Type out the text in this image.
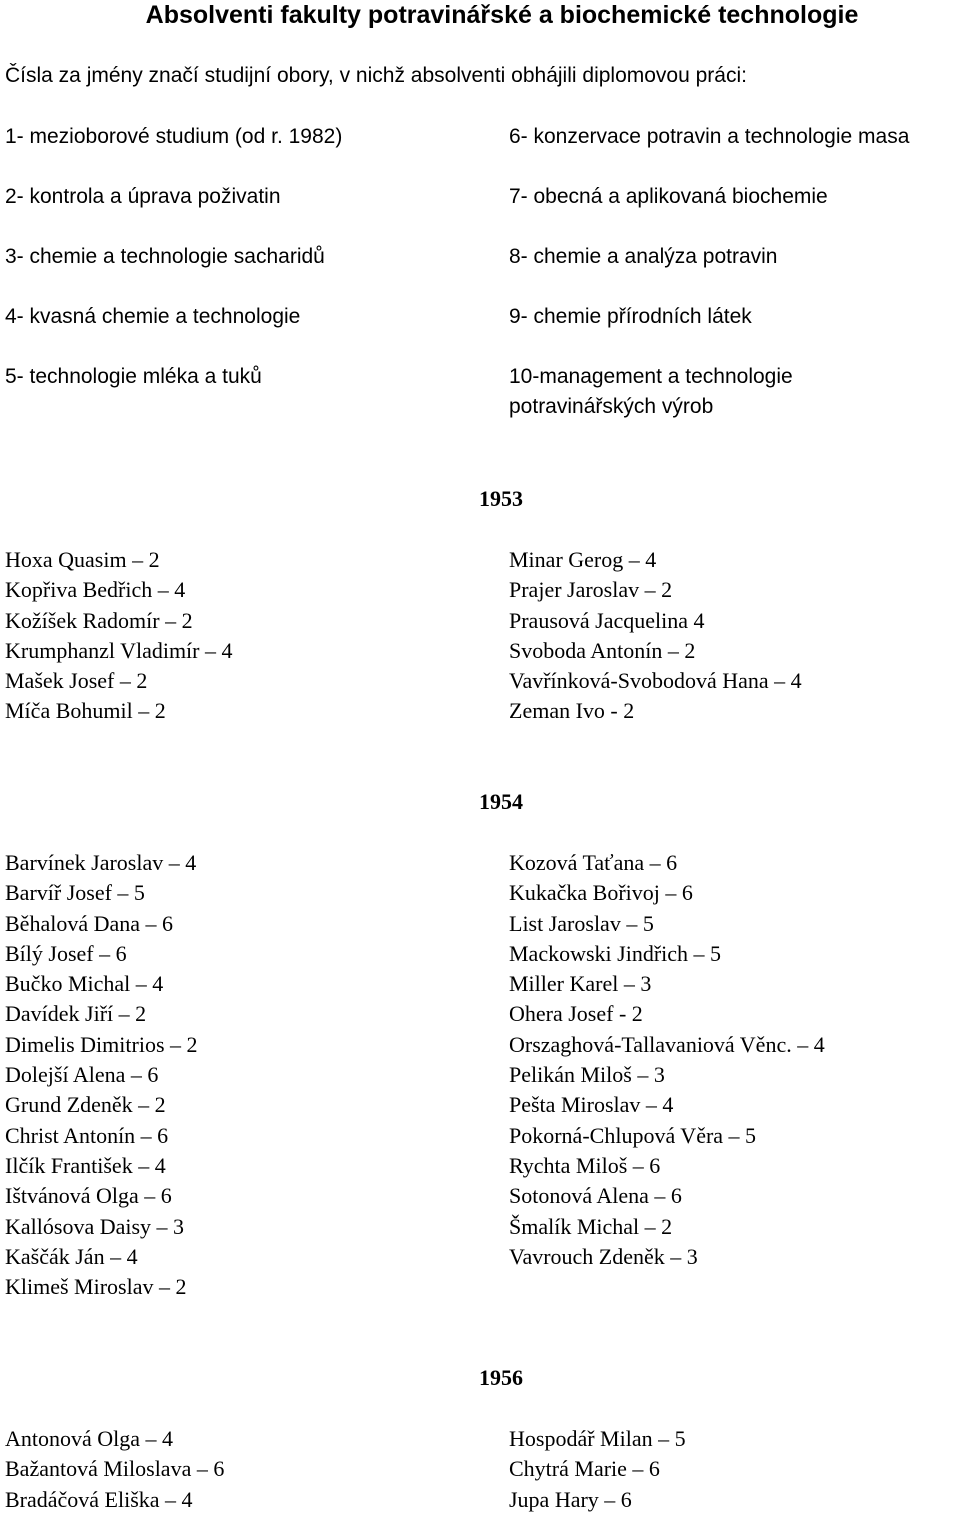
Absolventi fakulty potravinářské a biochemické technologie
Čísla za jmény značí studijní obory, v nichž absolventi obhájili diplomovou práci:
1- mezioborové studium (od r. 1982)
2- kontrola a úprava poživatin
3- chemie a technologie sacharidů
4- kvasná chemie a technologie
5- technologie mléka a tuků
6- konzervace potravin a technologie masa
7- obecná a aplikovaná biochemie
8- chemie a analýza potravin
9- chemie přírodních látek
10-management a technologie potravinářských výrob
1953
Hoxa Quasim – 2
Kopřiva Bedřich – 4
Kožíšek Radomír – 2
Krumphanzl Vladimír – 4
Mašek Josef – 2
Míča Bohumil – 2
Minar Gerog – 4
Prajer Jaroslav – 2
Prausová Jacquelina 4
Svoboda Antonín – 2
Vavřínková-Svobodová Hana – 4
Zeman Ivo - 2
1954
Barvínek Jaroslav – 4
Barvíř Josef – 5
Běhalová Dana – 6
Bílý Josef – 6
Bučko Michal – 4
Davídek Jiří – 2
Dimelis Dimitrios – 2
Dolejší Alena – 6
Grund Zdeněk – 2
Christ Antonín – 6
Ilčík František – 4
Ištvánová Olga – 6
Kallósova Daisy – 3
Kaščák Ján – 4
Klimeš Miroslav – 2
Kozová Taťana – 6
Kukačka Bořivoj – 6
List Jaroslav – 5
Mackowski Jindřich – 5
Miller Karel – 3
Ohera Josef - 2
Orszaghová-Tallavaniová Věnc. – 4
Pelikán Miloš – 3
Pešta Miroslav – 4
Pokorná-Chlupová Věra – 5
Rychta Miloš – 6
Sotonová Alena – 6
Šmalík Michal – 2
Vavrouch Zdeněk – 3
1956
Antonová Olga – 4
Bažantová Miloslava – 6
Bradáčová Eliška – 4
Hospodář Milan – 5
Chytrá Marie – 6
Jupa Hary – 6
